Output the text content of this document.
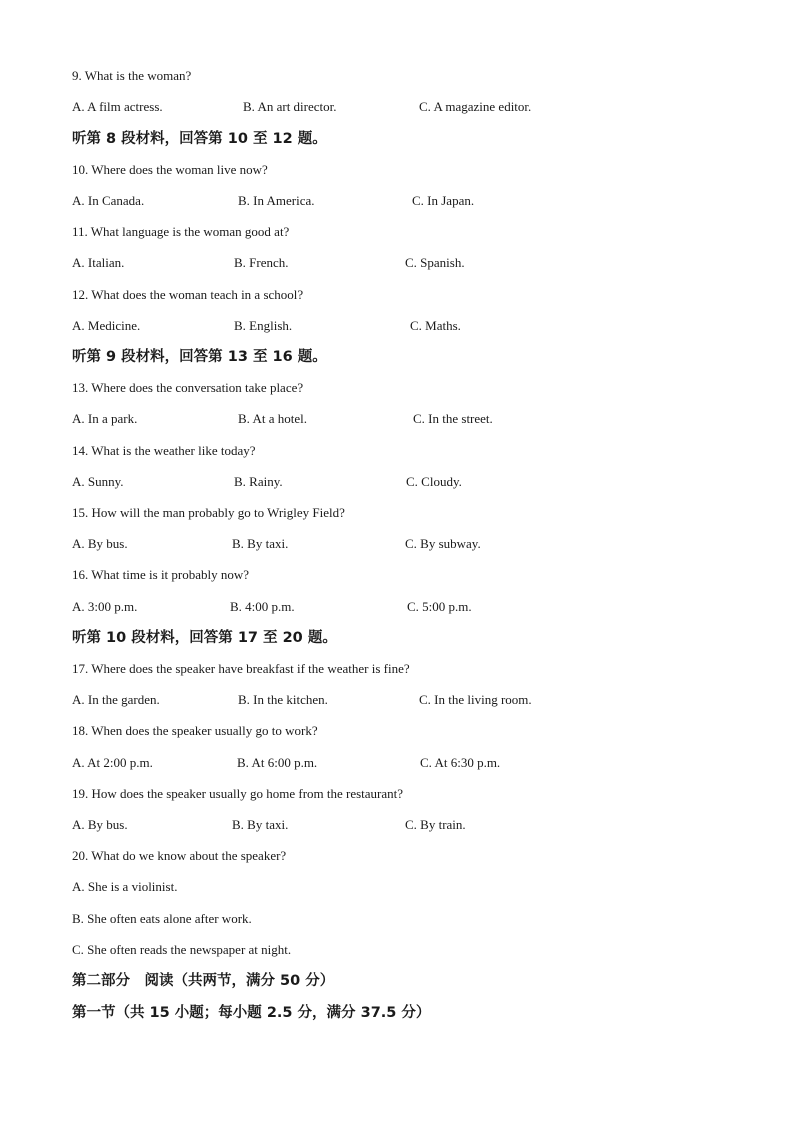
9. What is the woman?
A. A film actress.	B. An art director.	C. A magazine editor.
听第 8 段材料，回答第 10 至 12 题。
10. Where does the woman live now?
A. In Canada.	B. In America.	C. In Japan.
11. What language is the woman good at?
A. Italian.	B. French.	C. Spanish.
12. What does the woman teach in a school?
A. Medicine.	B. English.	C. Maths.
听第 9 段材料，回答第 13 至 16 题。
13. Where does the conversation take place?
A. In a park.	B. At a hotel.	C. In the street.
14. What is the weather like today?
A. Sunny.	B. Rainy.	C. Cloudy.
15. How will the man probably go to Wrigley Field?
A. By bus.	B. By taxi.	C. By subway.
16. What time is it probably now?
A. 3:00 p.m.	B. 4:00 p.m.	C. 5:00 p.m.
听第 10 段材料，回答第 17 至 20 题。
17. Where does the speaker have breakfast if the weather is fine?
A. In the garden.	B. In the kitchen.	C. In the living room.
18. When does the speaker usually go to work?
A. At 2:00 p.m.	B. At 6:00 p.m.	C. At 6:30 p.m.
19. How does the speaker usually go home from the restaurant?
A. By bus.	B. By taxi.	C. By train.
20. What do we know about the speaker?
A. She is a violinist.
B. She often eats alone after work.
C. She often reads the newspaper at night.
第二部分　阅读（共两节，满分 50 分）
第一节（共 15 小题；每小题 2.5 分，满分 37.5 分）
